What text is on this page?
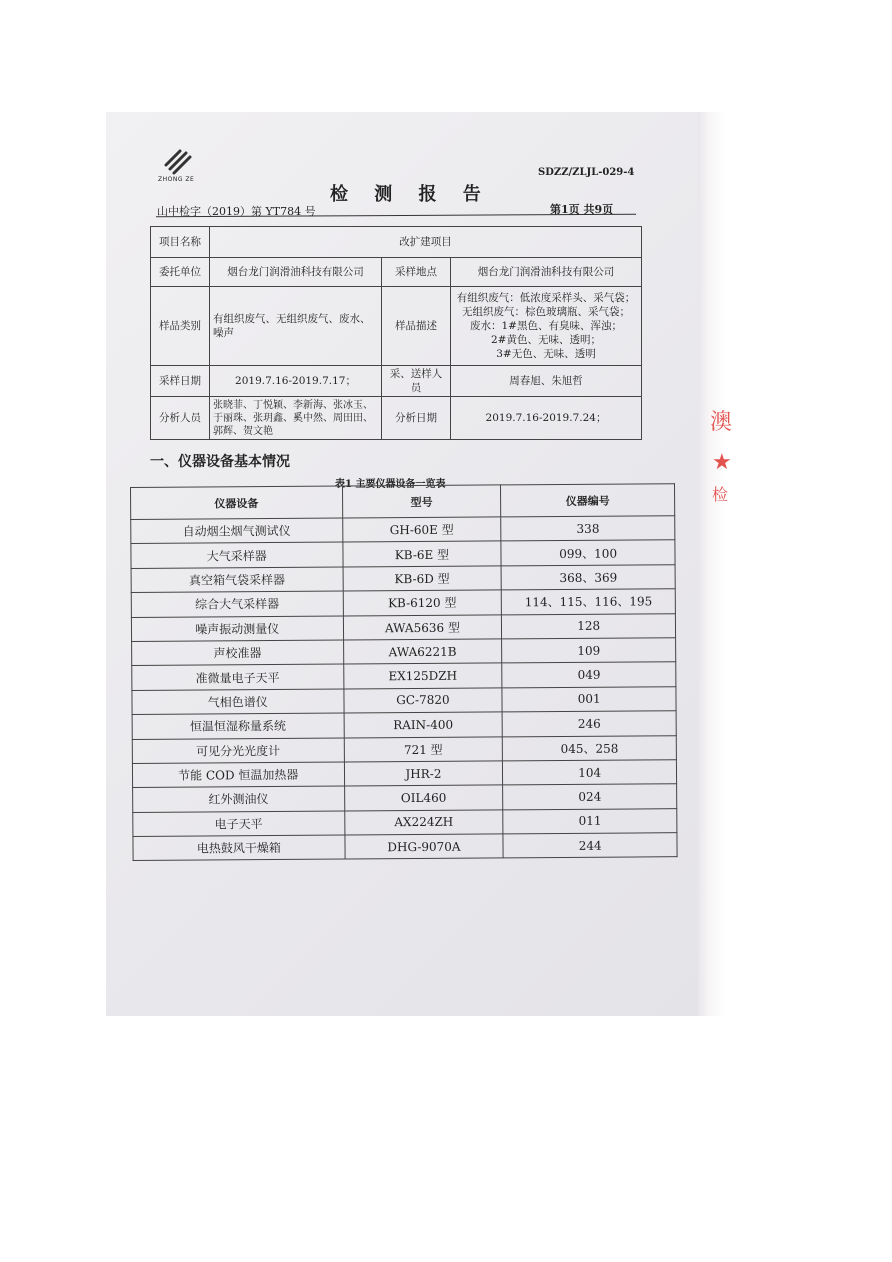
澳
★
检
ZHONG ZE
SDZZ/ZLJL-029-4
检 测 报 告
山中检字（2019）第 YT784 号	第1页 共9页
项目名称	改扩建项目		
委托单位	烟台龙门润滑油科技有限公司	采样地点	烟台龙门润滑油科技有限公司
样品类别	有组织废气、无组织废气、废水、噪声	样品描述	有组织废气：低浓度采样头、采气袋；
无组织废气：棕色玻璃瓶、采气袋；
废水：1#黑色、有臭味、浑浊；
2#黄色、无味、透明；
3#无色、无味、透明

采样日期	2019.7.16-2019.7.17；	采、送样人员	周春旭、朱旭哲
分析人员	张晓菲、丁悦颖、李新海、张冰玉、于丽珠、张玥鑫、奚中然、周田田、郭辉、贺文艳	分析日期	2019.7.16-2019.7.24；
一、仪器设备基本情况
表1 主要仪器设备一览表
仪器设备	型号	仪器编号
自动烟尘烟气测试仪	GH-60E 型	338
大气采样器	KB-6E 型	099、100
真空箱气袋采样器	KB-6D 型	368、369
综合大气采样器	KB-6120 型	114、115、116、195
噪声振动测量仪	AWA5636 型	128
声校准器	AWA6221B	109
准微量电子天平	EX125DZH	049
气相色谱仪	GC-7820	001
恒温恒湿称量系统	RAIN-400	246
可见分光光度计	721 型	045、258
节能 COD 恒温加热器	JHR-2	104
红外测油仪	OIL460	024
电子天平	AX224ZH	011
电热鼓风干燥箱	DHG-9070A	244
